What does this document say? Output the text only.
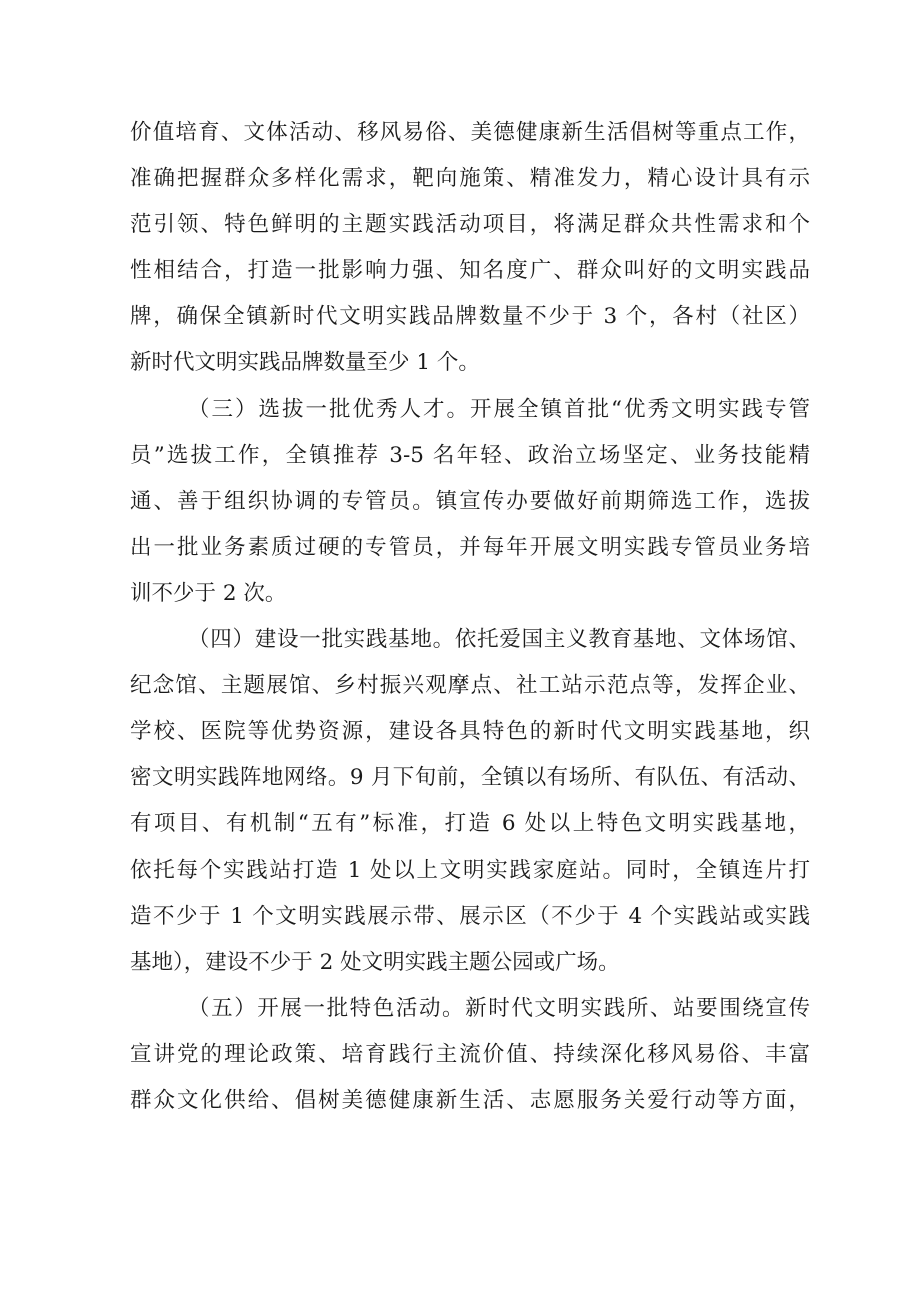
价值培育、文体活动、移风易俗、美德健康新生活倡树等重点工作，
准确把握群众多样化需求，靶向施策、精准发力，精心设计具有示
范引领、特色鲜明的主题实践活动项目，将满足群众共性需求和个
性相结合，打造一批影响力强、知名度广、群众叫好的文明实践品
牌，确保全镇新时代文明实践品牌数量不少于 3 个，各村（社区）
新时代文明实践品牌数量至少 1 个。
（三）选拔一批优秀人才。开展全镇首批“优秀文明实践专管
员”选拔工作，全镇推荐 3-5 名年轻、政治立场坚定、业务技能精
通、善于组织协调的专管员。镇宣传办要做好前期筛选工作，选拔
出一批业务素质过硬的专管员，并每年开展文明实践专管员业务培
训不少于 2 次。
（四）建设一批实践基地。依托爱国主义教育基地、文体场馆、
纪念馆、主题展馆、乡村振兴观摩点、社工站示范点等，发挥企业、
学校、医院等优势资源，建设各具特色的新时代文明实践基地，织
密文明实践阵地网络。9 月下旬前，全镇以有场所、有队伍、有活动、
有项目、有机制“五有”标准，打造 6 处以上特色文明实践基地，
依托每个实践站打造 1 处以上文明实践家庭站。同时，全镇连片打
造不少于 1 个文明实践展示带、展示区（不少于 4 个实践站或实践
基地），建设不少于 2 处文明实践主题公园或广场。
（五）开展一批特色活动。新时代文明实践所、站要围绕宣传
宣讲党的理论政策、培育践行主流价值、持续深化移风易俗、丰富
群众文化供给、倡树美德健康新生活、志愿服务关爱行动等方面，
